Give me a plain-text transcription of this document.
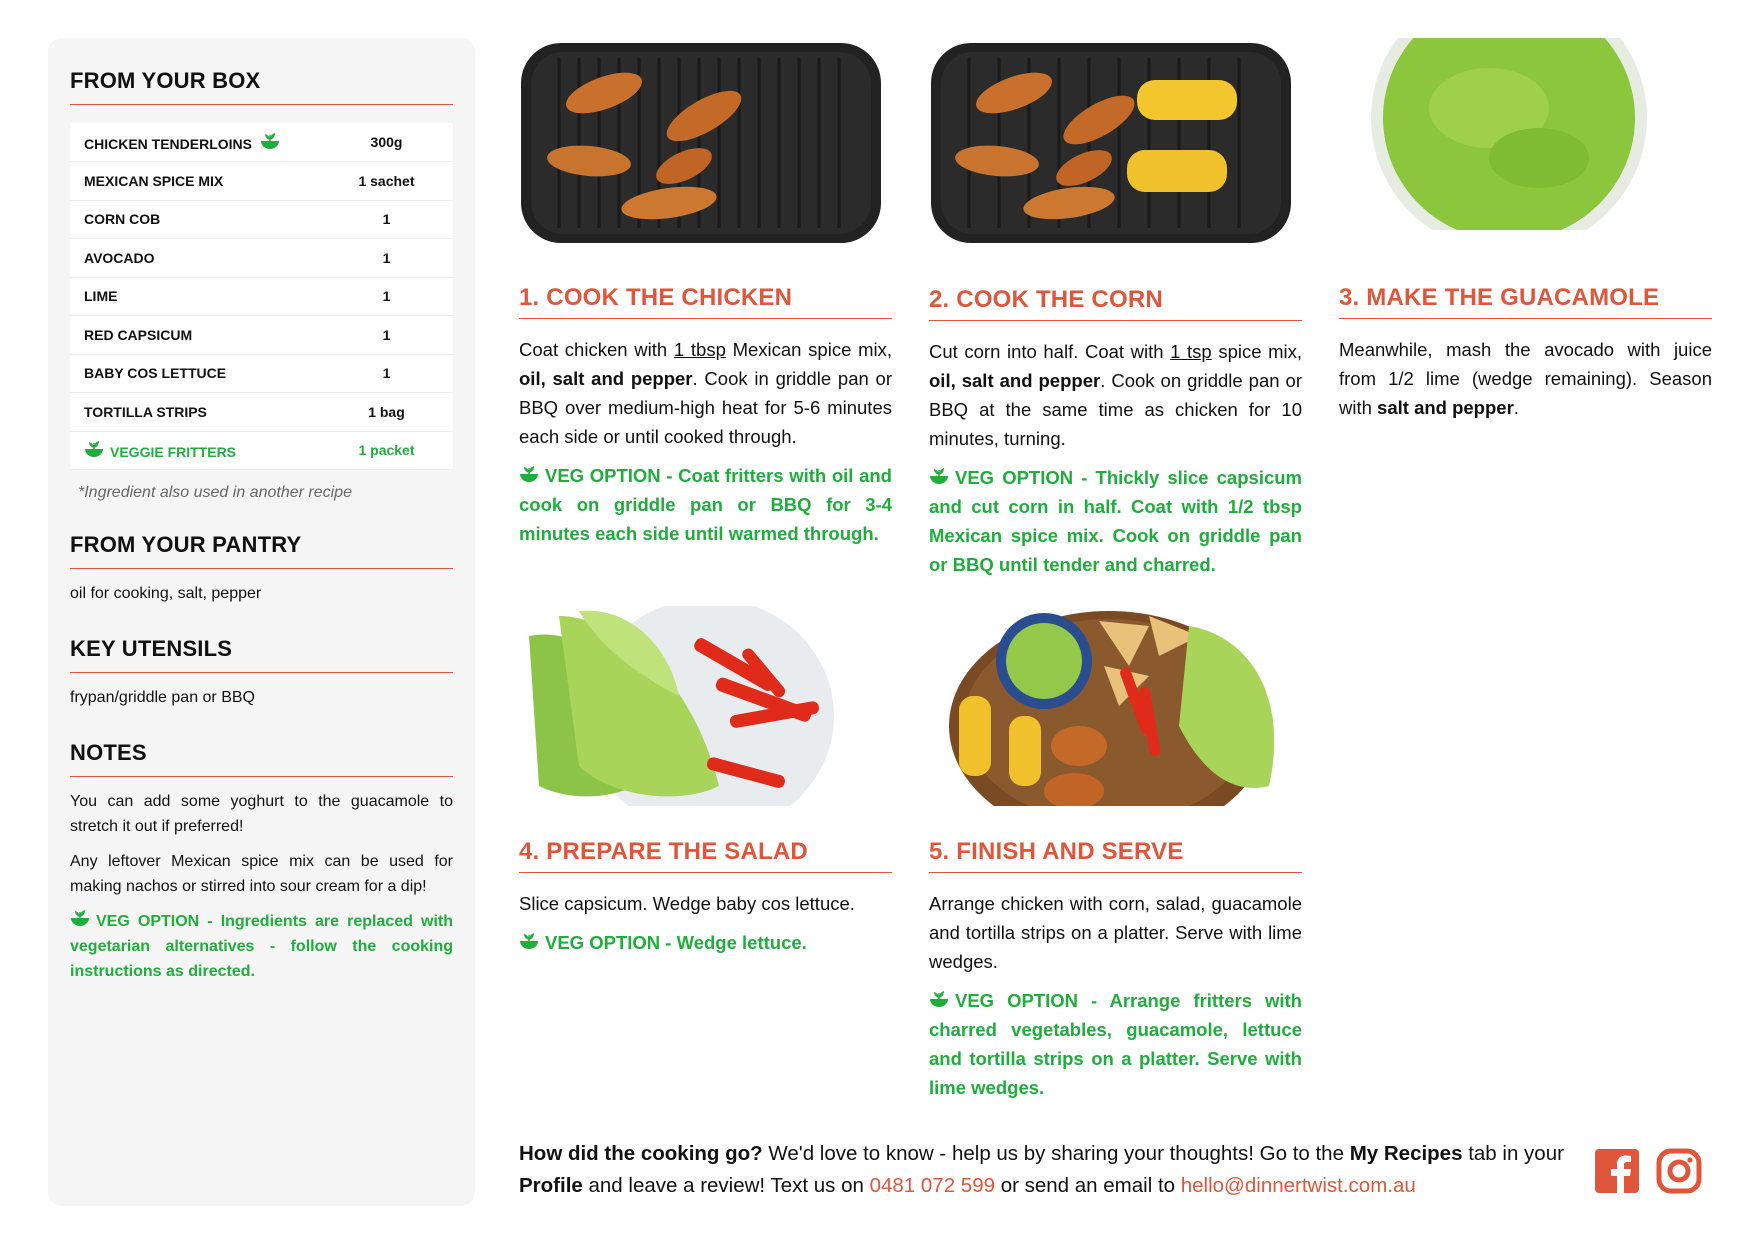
FROM YOUR BOX
CHICKEN TENDERLOINS	300g
MEXICAN SPICE MIX	1 sachet
CORN COB	1
AVOCADO	1
LIME	1
RED CAPSICUM	1
BABY COS LETTUCE	1
TORTILLA STRIPS	1 bag
VEGGIE FRITTERS	1 packet

*Ingredient also used in another recipe

FROM YOUR PANTRY

oil for cooking, salt, pepper

KEY UTENSILS

frypan/griddle pan or BBQ

NOTES

You can add some yoghurt to the guacamole to stretch it out if preferred!

Any leftover Mexican spice mix can be used for making nachos or stirred into sour cream for a dip!

VEG OPTION - Ingredients are replaced with vegetarian alternatives - follow the cooking instructions as directed.

1. COOK THE CHICKEN

Coat chicken with 1 tbsp Mexican spice mix, oil, salt and pepper. Cook in griddle pan or BBQ over medium-high heat for 5-6 minutes each side or until cooked through.

VEG OPTION - Coat fritters with oil and cook on griddle pan or BBQ for 3-4 minutes each side until warmed through.

2. COOK THE CORN

Cut corn into half. Coat with 1 tsp spice mix, oil, salt and pepper. Cook on griddle pan or BBQ at the same time as chicken for 10 minutes, turning.

VEG OPTION - Thickly slice capsicum and cut corn in half. Coat with 1/2 tbsp Mexican spice mix. Cook on griddle pan or BBQ until tender and charred.

3. MAKE THE GUACAMOLE

Meanwhile, mash the avocado with juice from 1/2 lime (wedge remaining). Season with salt and pepper.

4. PREPARE THE SALAD

Slice capsicum. Wedge baby cos lettuce.

VEG OPTION - Wedge lettuce.

5. FINISH AND SERVE

Arrange chicken with corn, salad, guacamole and tortilla strips on a platter. Serve with lime wedges.

VEG OPTION - Arrange fritters with charred vegetables, guacamole, lettuce and tortilla strips on a platter. Serve with lime wedges.

How did the cooking go? We'd love to know - help us by sharing your thoughts! Go to the My Recipes tab in your Profile and leave a review! Text us on 0481 072 599 or send an email to hello@dinnertwist.com.au
